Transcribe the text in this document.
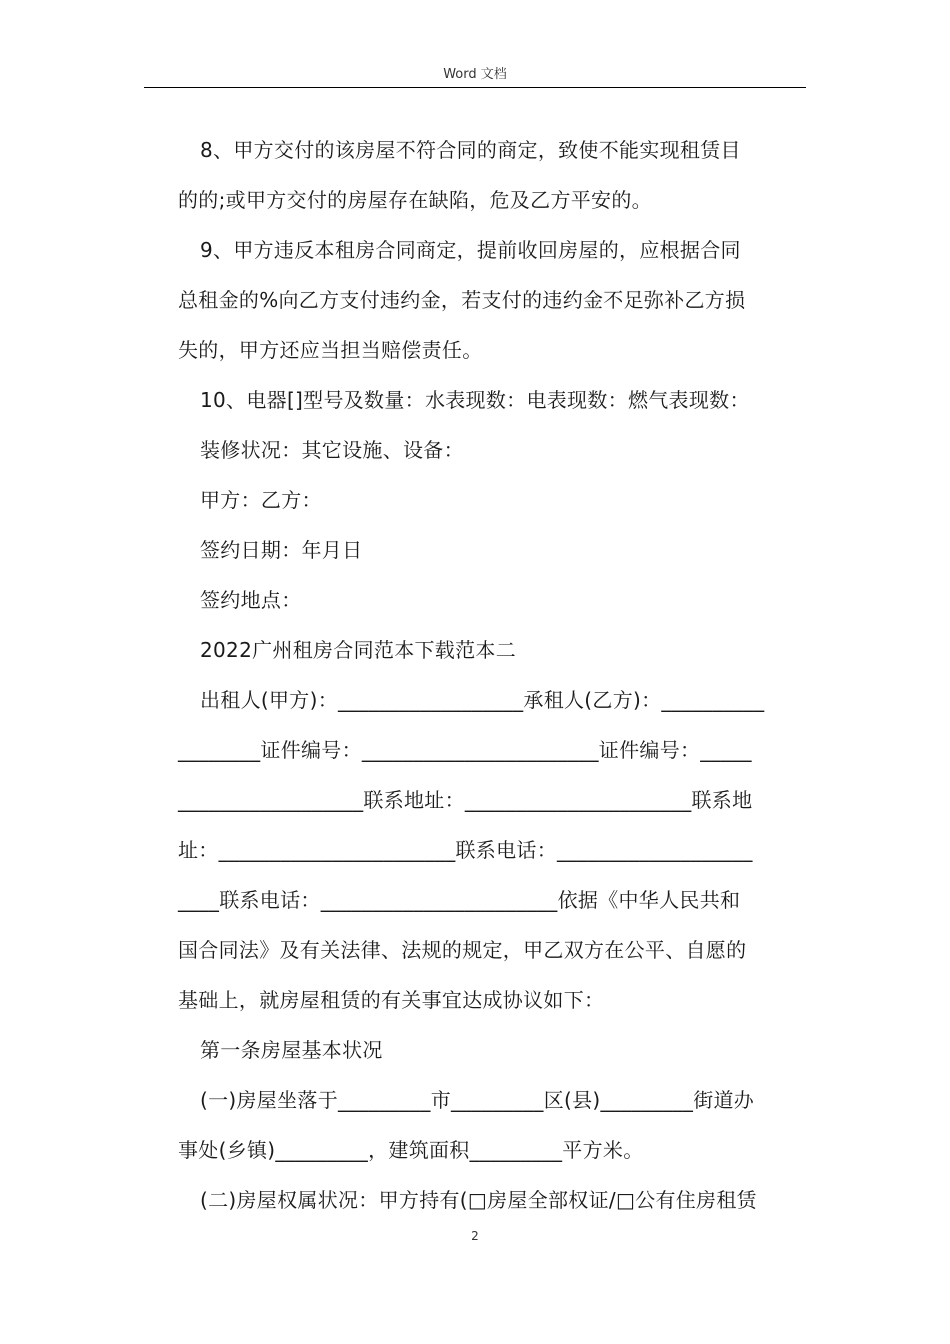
Word 文档

8、甲方交付的该房屋不符合同的商定，致使不能实现租赁目

的的;或甲方交付的房屋存在缺陷，危及乙方平安的。

9、甲方违反本租房合同商定，提前收回房屋的，应根据合同

总租金的%向乙方支付违约金，若支付的违约金不足弥补乙方损

失的，甲方还应当担当赔偿责任。

10、电器[]型号及数量：水表现数：电表现数：燃气表现数：

装修状况：其它设施、设备：

甲方：乙方：

签约日期：年月日

签约地点：

2022广州租房合同范本下载范本二

出租人(甲方)：__________________承租人(乙方)：__________

________证件编号：_______________________证件编号：_____

__________________联系地址：______________________联系地

址：_______________________联系电话：___________________

____联系电话：_______________________依据《中华人民共和

国合同法》及有关法律、法规的规定，甲乙双方在公平、自愿的

基础上，就房屋租赁的有关事宜达成协议如下：

第一条房屋基本状况

(一)房屋坐落于_________市_________区(县)_________街道办

事处(乡镇)_________，建筑面积_________平方米。

(二)房屋权属状况：甲方持有(□房屋全部权证/□公有住房租赁

2
